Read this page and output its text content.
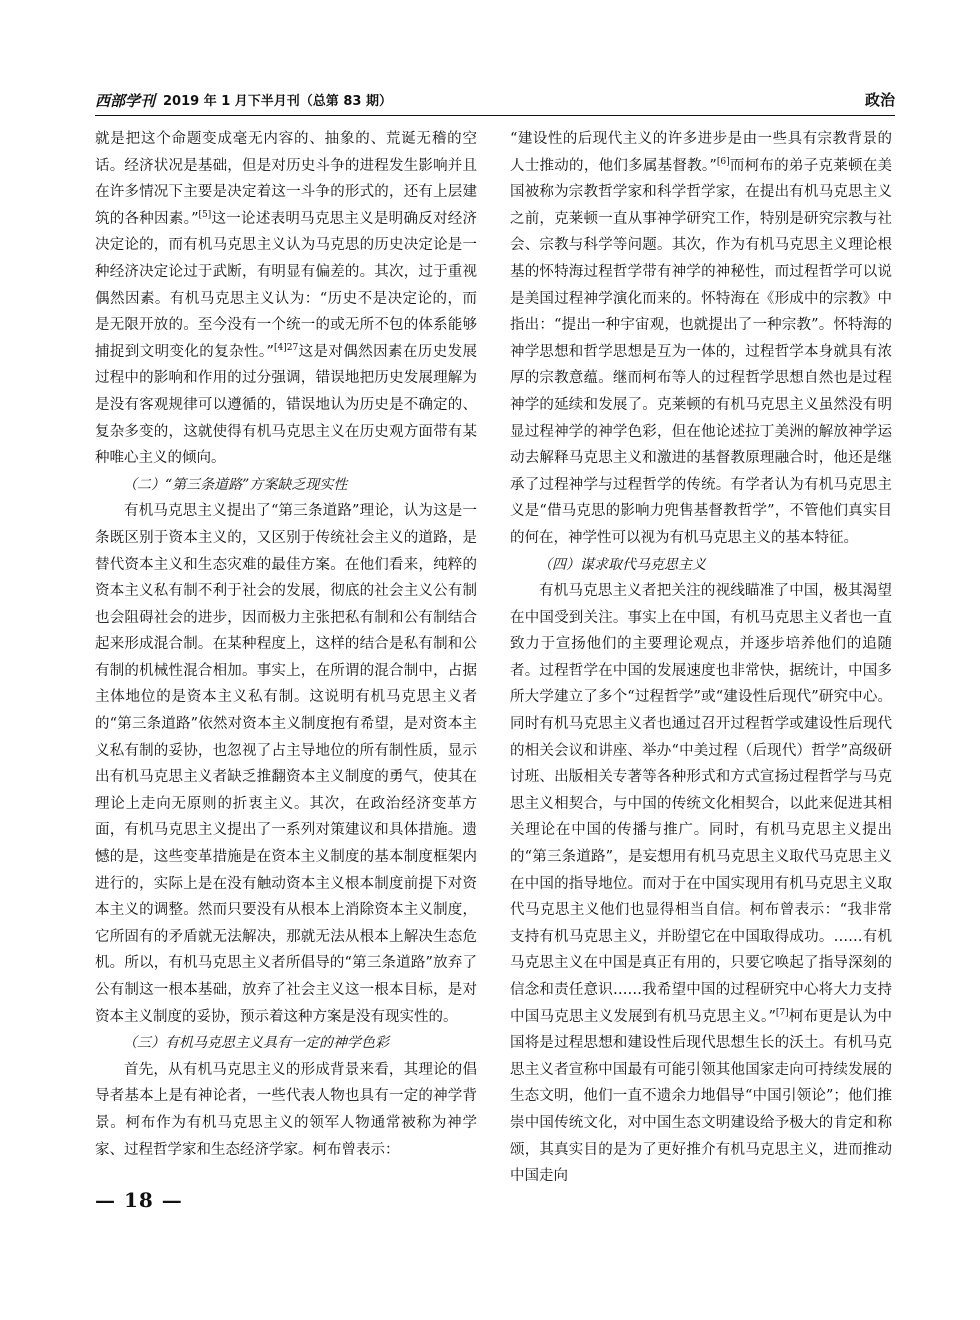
西部学刊 2019 年 1 月下半月刊（总第 83 期）	政治

就是把这个命题变成毫无内容的、抽象的、荒诞无稽的空话。经济状况是基础，但是对历史斗争的进程发生影响并且在许多情况下主要是决定着这一斗争的形式的，还有上层建筑的各种因素。”[5]这一论述表明马克思主义是明确反对经济决定论的，而有机马克思主义认为马克思的历史决定论是一种经济决定论过于武断，有明显有偏差的。其次，过于重视偶然因素。有机马克思主义认为：“历史不是决定论的，而是无限开放的。至今没有一个统一的或无所不包的体系能够捕捉到文明变化的复杂性。”$^{[4]27}$这是对偶然因素在历史发展过程中的影响和作用的过分强调，错误地把历史发展理解为是没有客观规律可以遵循的，错误地认为历史是不确定的、复杂多变的，这就使得有机马克思主义在历史观方面带有某种唯心主义的倾向。

（二）“第三条道路”方案缺乏现实性

有机马克思主义提出了“第三条道路”理论，认为这是一条既区别于资本主义的，又区别于传统社会主义的道路，是替代资本主义和生态灾难的最佳方案。在他们看来，纯粹的资本主义私有制不利于社会的发展，彻底的社会主义公有制也会阻碍社会的进步，因而极力主张把私有制和公有制结合起来形成混合制。在某种程度上，这样的结合是私有制和公有制的机械性混合相加。事实上，在所谓的混合制中，占据主体地位的是资本主义私有制。这说明有机马克思主义者的“第三条道路”依然对资本主义制度抱有希望，是对资本主义私有制的妥协，也忽视了占主导地位的所有制性质，显示出有机马克思主义者缺乏推翻资本主义制度的勇气，使其在理论上走向无原则的折衷主义。其次，在政治经济变革方面，有机马克思主义提出了一系列对策建议和具体措施。遗憾的是，这些变革措施是在资本主义制度的基本制度框架内进行的，实际上是在没有触动资本主义根本制度前提下对资本主义的调整。然而只要没有从根本上消除资本主义制度，它所固有的矛盾就无法解决，那就无法从根本上解决生态危机。所以，有机马克思主义者所倡导的“第三条道路”放弃了公有制这一根本基础，放弃了社会主义这一根本目标，是对资本主义制度的妥协，预示着这种方案是没有现实性的。

（三）有机马克思主义具有一定的神学色彩

首先，从有机马克思主义的形成背景来看，其理论的倡导者基本上是有神论者，一些代表人物也具有一定的神学背景。柯布作为有机马克思主义的领军人物通常被称为神学家、过程哲学家和生态经济学家。柯布曾表示：

“建设性的后现代主义的许多进步是由一些具有宗教背景的人士推动的，他们多属基督教。”[6]而柯布的弟子克莱顿在美国被称为宗教哲学家和科学哲学家，在提出有机马克思主义之前，克莱顿一直从事神学研究工作，特别是研究宗教与社会、宗教与科学等问题。其次，作为有机马克思主义理论根基的怀特海过程哲学带有神学的神秘性，而过程哲学可以说是美国过程神学演化而来的。怀特海在《形成中的宗教》中指出：“提出一种宇宙观，也就提出了一种宗教”。怀特海的神学思想和哲学思想是互为一体的，过程哲学本身就具有浓厚的宗教意蕴。继而柯布等人的过程哲学思想自然也是过程神学的延续和发展了。克莱顿的有机马克思主义虽然没有明显过程神学的神学色彩，但在他论述拉丁美洲的解放神学运动去解释马克思主义和激进的基督教原理融合时，他还是继承了过程神学与过程哲学的传统。有学者认为有机马克思主义是“借马克思的影响力兜售基督教哲学”，不管他们真实目的何在，神学性可以视为有机马克思主义的基本特征。

（四）谋求取代马克思主义

有机马克思主义者把关注的视线瞄准了中国，极其渴望在中国受到关注。事实上在中国，有机马克思主义者也一直致力于宣扬他们的主要理论观点，并逐步培养他们的追随者。过程哲学在中国的发展速度也非常快，据统计，中国多所大学建立了多个“过程哲学”或“建设性后现代”研究中心。同时有机马克思主义者也通过召开过程哲学或建设性后现代的相关会议和讲座、举办“中美过程（后现代）哲学”高级研讨班、出版相关专著等各种形式和方式宣扬过程哲学与马克思主义相契合，与中国的传统文化相契合，以此来促进其相关理论在中国的传播与推广。同时，有机马克思主义提出的“第三条道路”，是妄想用有机马克思主义取代马克思主义在中国的指导地位。而对于在中国实现用有机马克思主义取代马克思主义他们也显得相当自信。柯布曾表示：“我非常支持有机马克思主义，并盼望它在中国取得成功。……有机马克思主义在中国是真正有用的，只要它唤起了指导深刻的信念和责任意识……我希望中国的过程研究中心将大力支持中国马克思主义发展到有机马克思主义。”[7]柯布更是认为中国将是过程思想和建设性后现代思想生长的沃土。有机马克思主义者宣称中国最有可能引领其他国家走向可持续发展的生态文明，他们一直不遗余力地倡导“中国引领论”；他们推崇中国传统文化，对中国生态文明建设给予极大的肯定和称颂，其真实目的是为了更好推介有机马克思主义，进而推动中国走向

— 18 —
